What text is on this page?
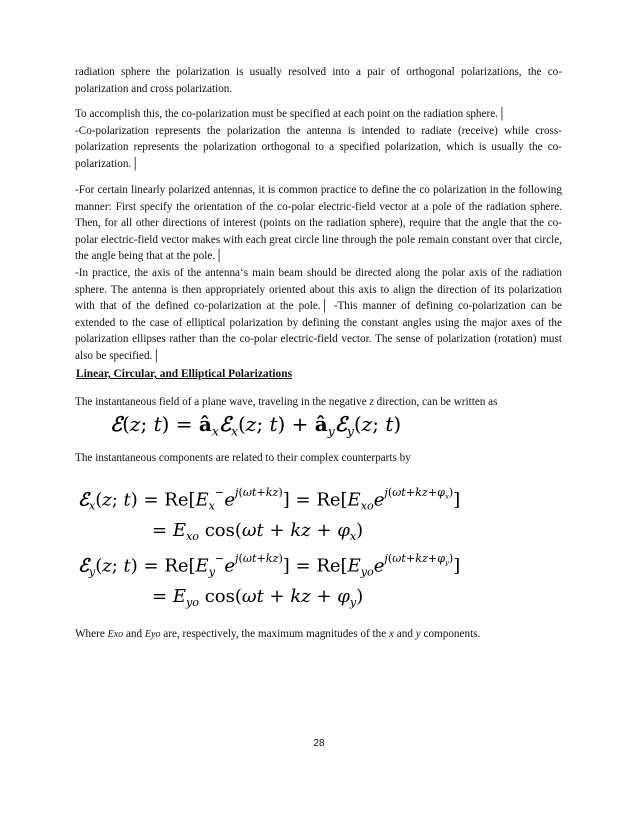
radiation sphere the polarization is usually resolved into a pair of orthogonal polarizations, the co-polarization and cross polarization.

To accomplish this, the co-polarization must be specified at each point on the radiation sphere.│

-Co-polarization represents the polarization the antenna is intended to radiate (receive) while cross-polarization represents the polarization orthogonal to a specified polarization, which is usually the co-polarization.│

-For certain linearly polarized antennas, it is common practice to define the co polarization in the following manner: First specify the orientation of the co-polar electric-field vector at a pole of the radiation sphere. Then, for all other directions of interest (points on the radiation sphere), require that the angle that the co-polar electric-field vector makes with each great circle line through the pole remain constant over that circle, the angle being that at the pole.│

-In practice, the axis of the antenna‘s main beam should be directed along the polar axis of the radiation sphere. The antenna is then appropriately oriented about this axis to align the direction of its polarization with that of the defined co-polarization at the pole.│ -This manner of defining co-polarization can be extended to the case of elliptical polarization by defining the constant angles using the major axes of the polarization ellipses rather than the co-polar electric-field vector. The sense of polarization (rotation) must also be specified.│

Linear, Circular, and Elliptical Polarizations

The instantaneous field of a plane wave, traveling in the negative z direction, can be written as

ℰ(z; $t) = â_xℰ_x(z$; $t) + â_yℰ_y(z$; t)

The instantaneous components are related to their complex counterparts by

ℰ$_x$(z; $t) = Re[E_x^-e^{j(\omega t+kz)}] = Re[E_{xo}e^{j(\omega t+kz+\varphi_x)}]$
= $E_{xo}$ cos(ωt + kz + $\varphi_x$)
ℰ$_y$(z; $t) = Re[E_y^-e^{j(\omega t+kz)}] = Re[E_{yo}e^{j(\omega t+kz+\varphi_y)}]$
= $E_{yo}$ cos(ωt + kz + $\varphi_y$)

Where Exo and Eyo are, respectively, the maximum magnitudes of the x and y components.

28
